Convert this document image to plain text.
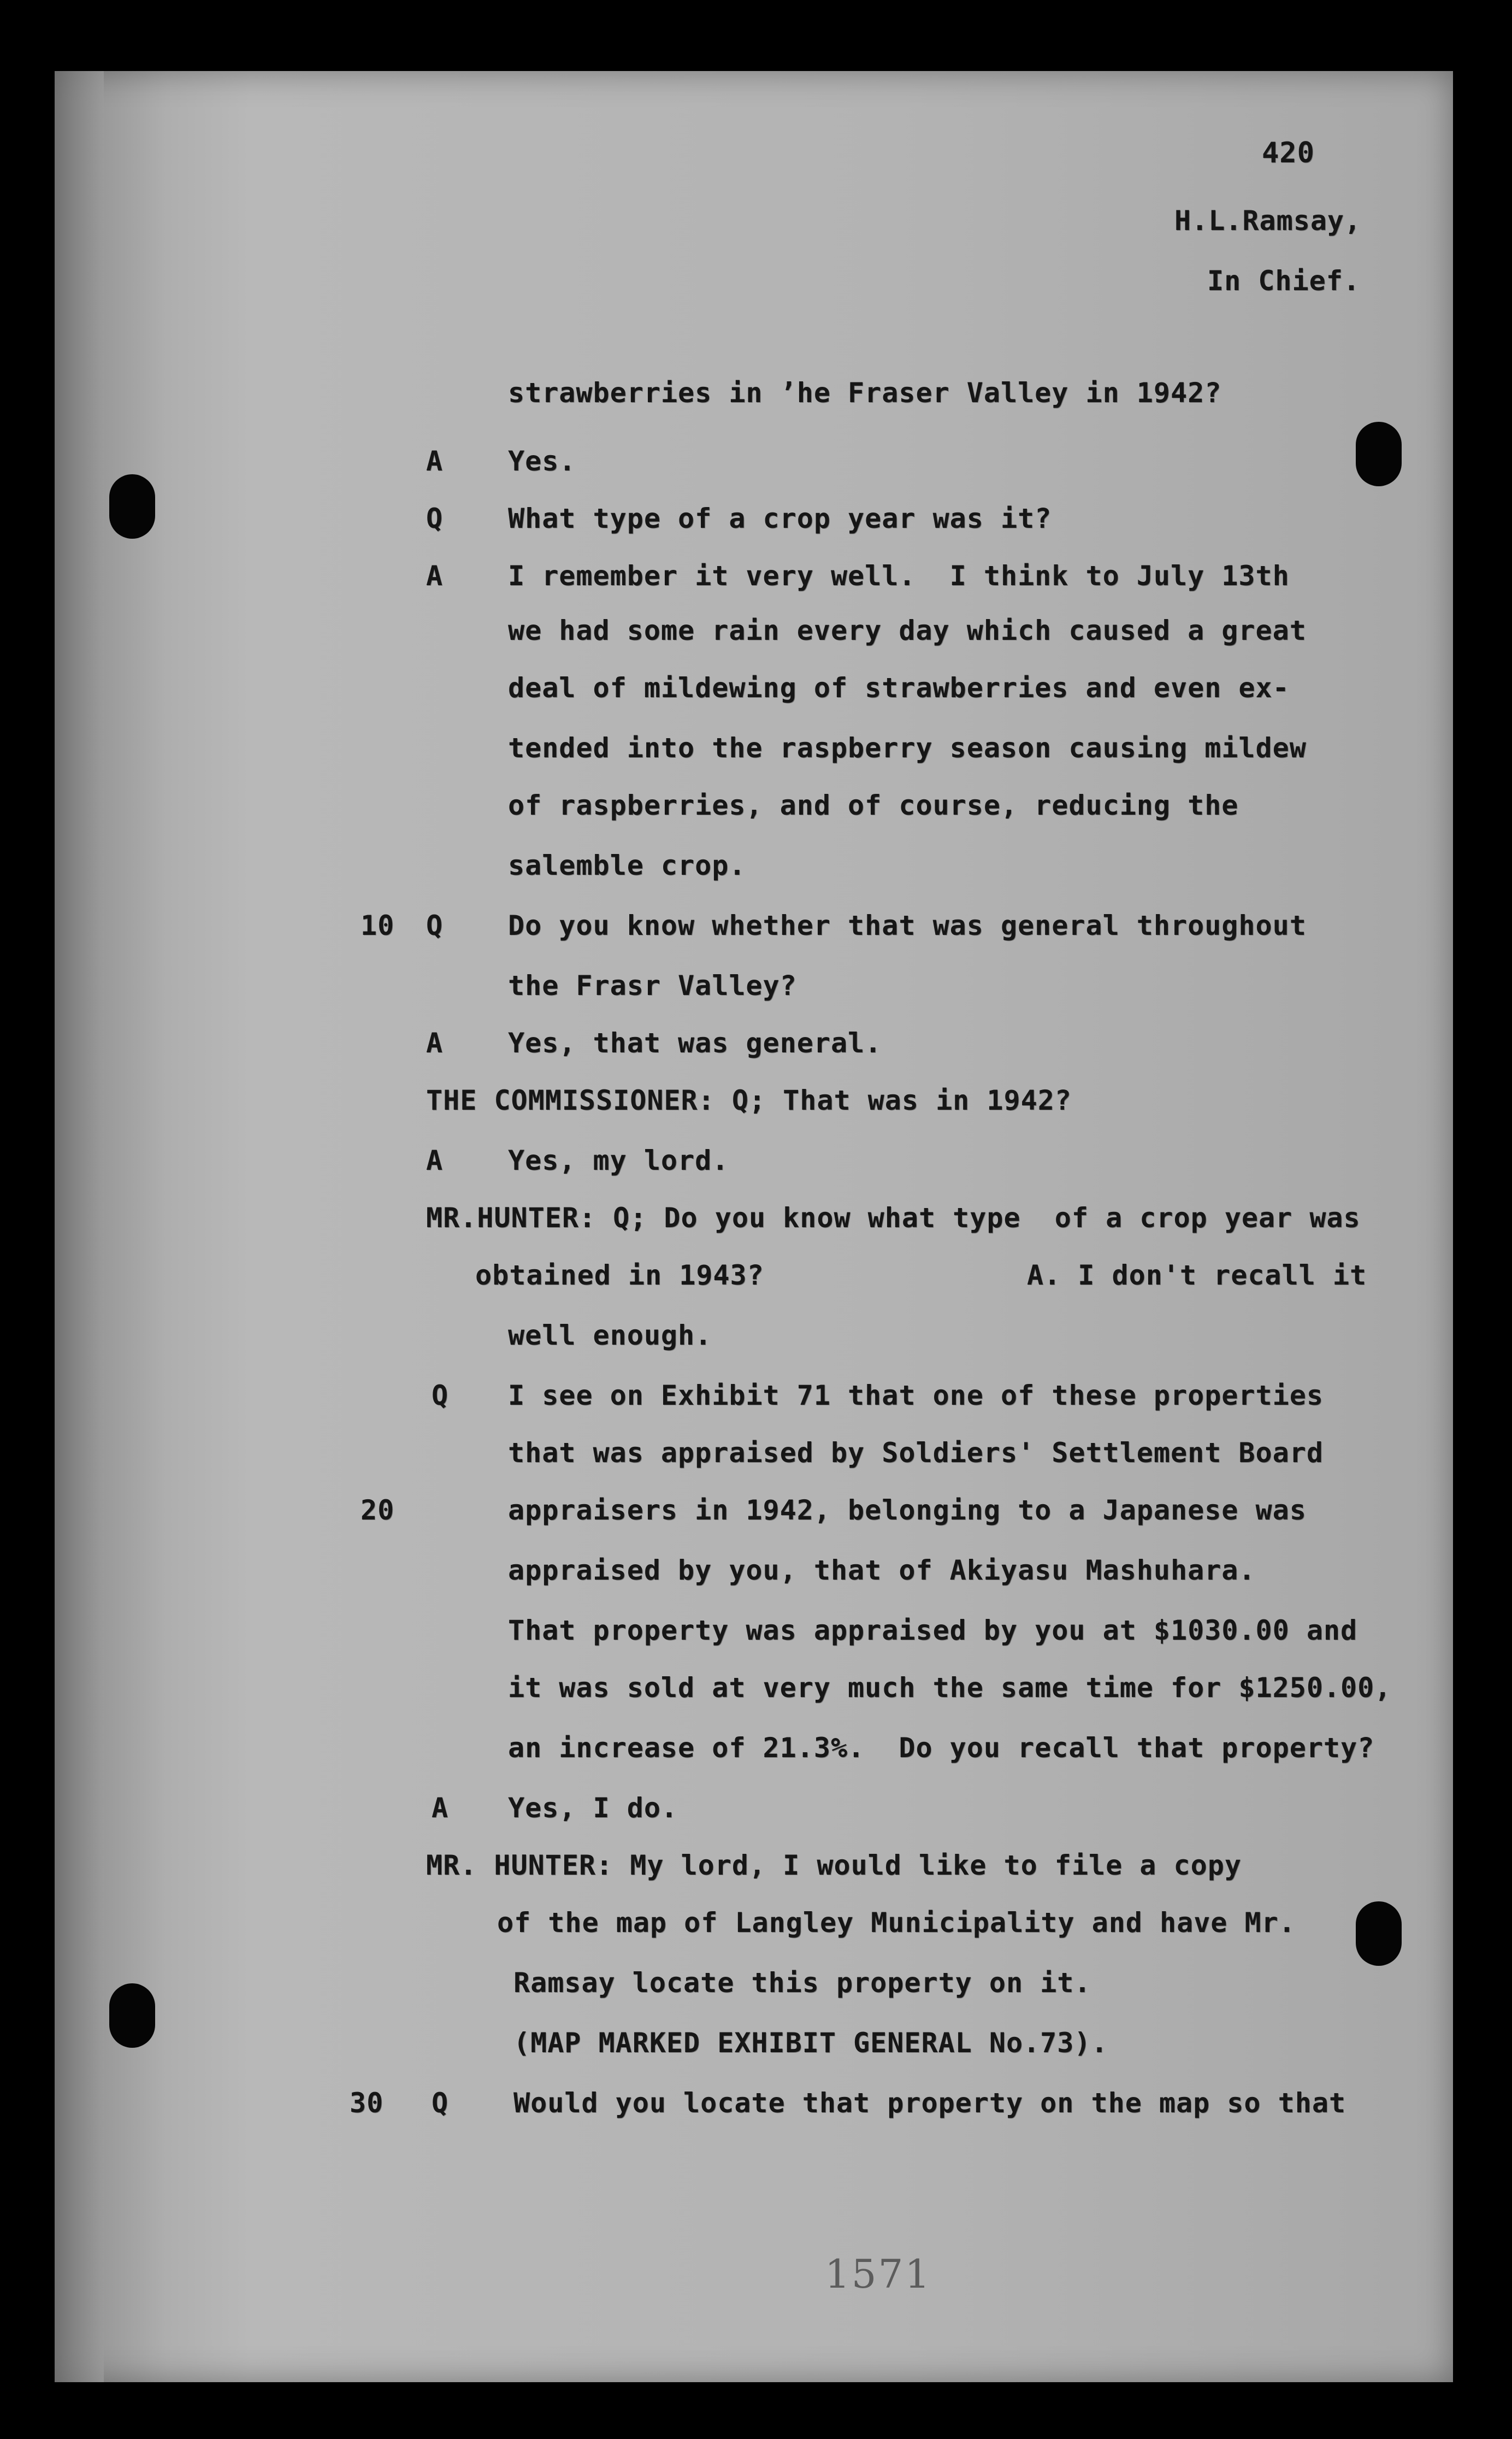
420
H.L.Ramsay,
In Chief.
strawberries in ’he Fraser Valley in 1942?
A Yes.
Q What type of a crop year was it?
A I remember it very well.  I think to July 13th
we had some rain every day which caused a great
deal of mildewing of strawberries and even ex-
tended into the raspberry season causing mildew
of raspberries, and of course, reducing the
salemble crop.
10 Q Do you know whether that was general throughout
the Frasr Valley?
A Yes, that was general.
THE COMMISSIONER: Q; That was in 1942?
A Yes, my lord.
MR.HUNTER: Q; Do you know what type  of a crop year was
obtained in 1943?	A. I don't recall it
well enough.
Q I see on Exhibit 71 that one of these properties
that was appraised by Soldiers' Settlement Board
20	appraisers in 1942, belonging to a Japanese was
appraised by you, that of Akiyasu Mashuhara.
That property was appraised by you at $1030.00 and
it was sold at very much the same time for $1250.00,
an increase of 21.3%.  Do you recall that property?
A Yes, I do.
MR. HUNTER: My lord, I would like to file a copy
of the map of Langley Municipality and have Mr.
Ramsay locate this property on it.
(MAP MARKED EXHIBIT GENERAL No.73).
30 Q Would you locate that property on the map so that
1571
